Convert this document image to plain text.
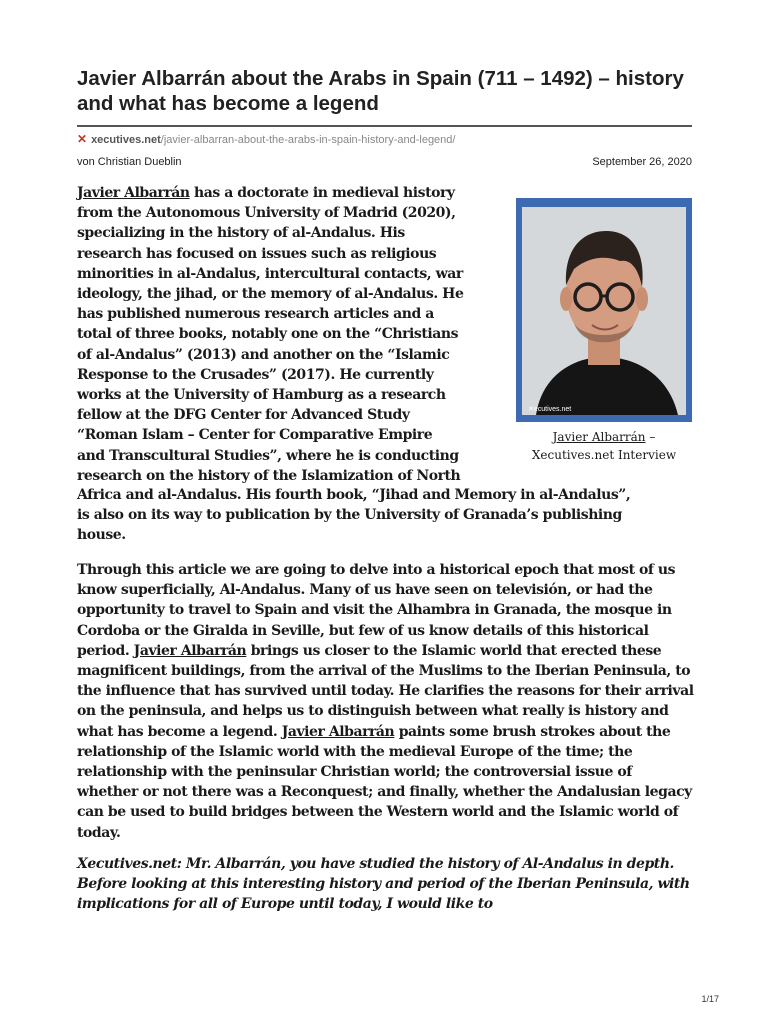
Javier Albarrán about the Arabs in Spain (711 – 1492) – history and what has become a legend
✕ xecutives.net/javier-albarran-about-the-arabs-in-spain-history-and-legend/
von Christian Dueblin	September 26, 2020
Javier Albarrán has a doctorate in medieval history
from the Autonomous University of Madrid (2020),
specializing in the history of al-Andalus. His
research has focused on issues such as religious
minorities in al-Andalus, intercultural contacts, war
ideology, the jihad, or the memory of al-Andalus. He
has published numerous research articles and a
total of three books, notably one on the “Christians
of al-Andalus” (2013) and another on the “Islamic
Response to the Crusades” (2017). He currently
works at the University of Hamburg as a research
fellow at the DFG Center for Advanced Study
“Roman Islam – Center for Comparative Empire
and Transcultural Studies”, where he is conducting
research on the history of the Islamization of North
✕ecutives.net
Javier Albarrán –
Xecutives.net Interview
Africa and al-Andalus. His fourth book, “Jihad and Memory in al-Andalus”,
is also on its way to publication by the University of Granada’s publishing
house.

Through this article we are going to delve into a historical epoch that most of us know superficially, Al-Andalus. Many of us have seen on televisión, or had the opportunity to travel to Spain and visit the Alhambra in Granada, the mosque in Cordoba or the Giralda in Seville, but few of us know details of this historical period. Javier Albarrán brings us closer to the Islamic world that erected these magnificent buildings, from the arrival of the Muslims to the Iberian Peninsula, to the influence that has survived until today. He clarifies the reasons for their arrival on the peninsula, and helps us to distinguish between what really is history and what has become a legend. Javier Albarrán paints some brush strokes about the relationship of the Islamic world with the medieval Europe of the time; the relationship with the peninsular Christian world; the controversial issue of whether or not there was a Reconquest; and finally, whether the Andalusian legacy can be used to build bridges between the Western world and the Islamic world of today.

Xecutives.net: Mr. Albarrán, you have studied the history of Al-Andalus in depth. Before looking at this interesting history and period of the Iberian Peninsula, with implications for all of Europe until today, I would like to

1/17
